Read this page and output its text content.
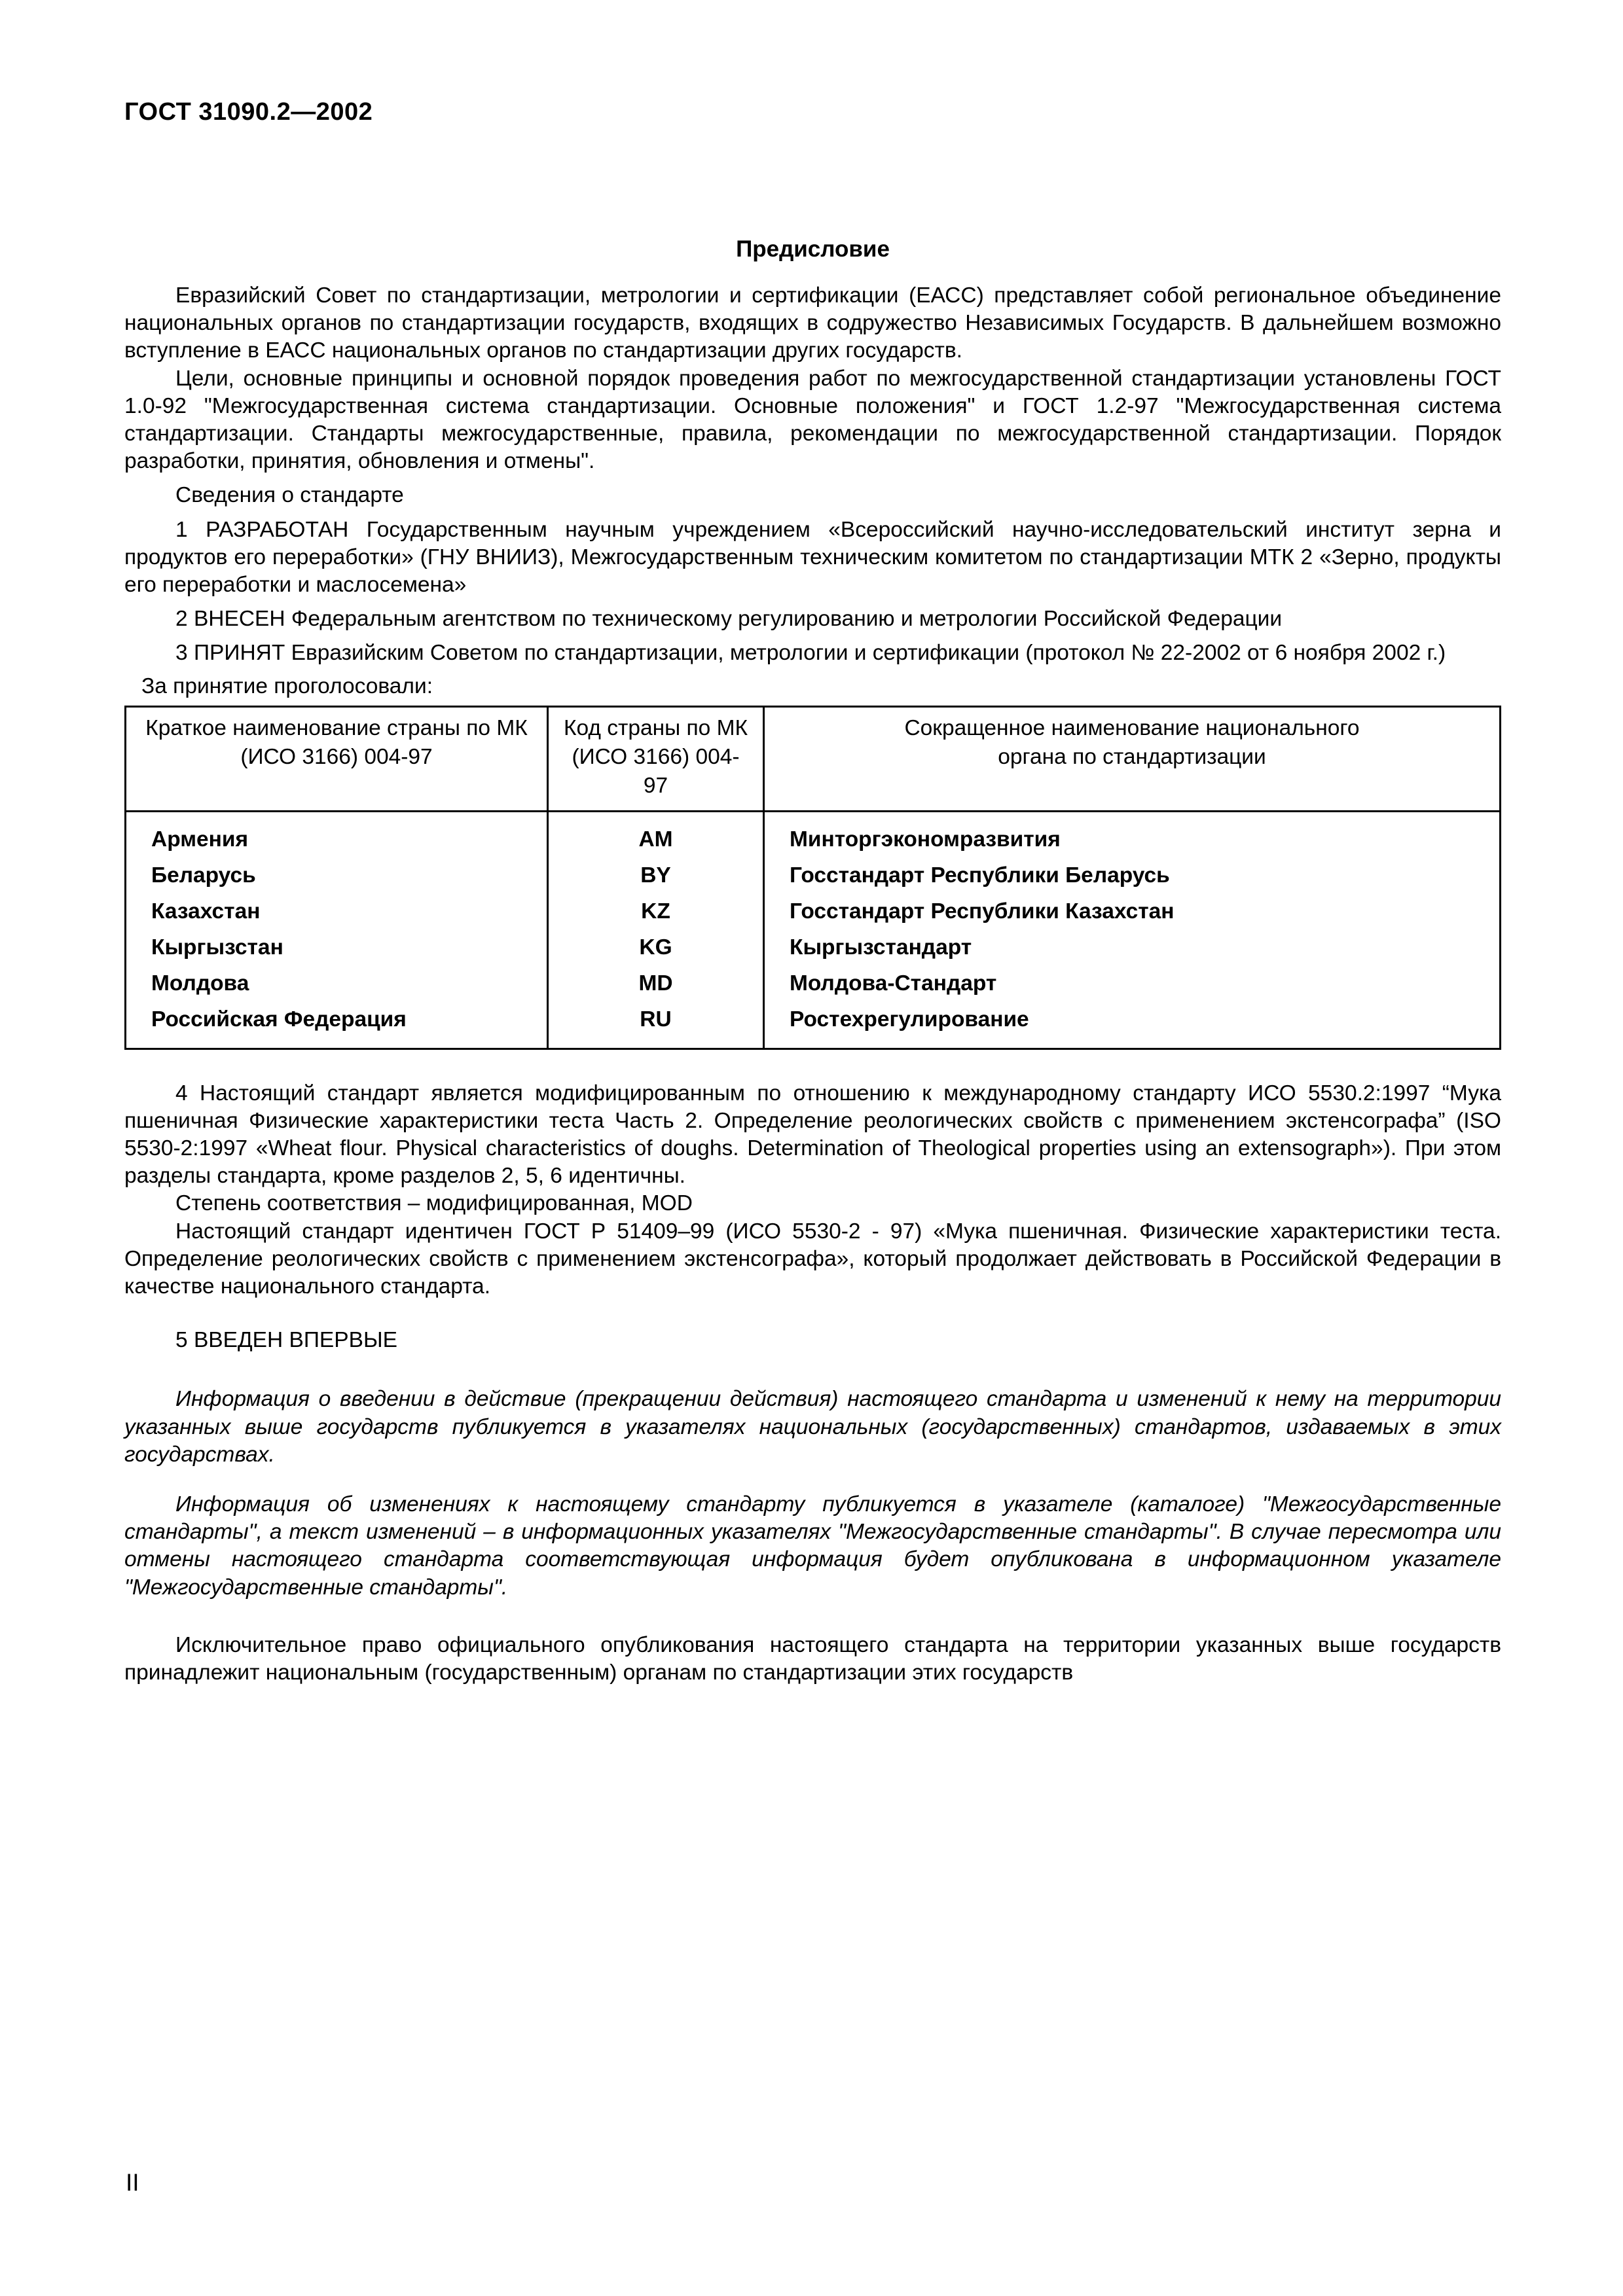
ГОСТ 31090.2—2002
Предисловие

Евразийский Совет по стандартизации, метрологии и сертификации (ЕАСС) представляет собой региональное объединение национальных органов по стандартизации государств, входящих в содружество Независимых Государств. В дальнейшем возможно вступление в ЕАСС национальных органов по стандартизации других государств.

Цели, основные принципы и основной порядок проведения работ по межгосударственной стандартизации установлены ГОСТ 1.0-92 "Межгосударственная система стандартизации. Основные положения" и ГОСТ 1.2-97 "Межгосударственная система стандартизации. Стандарты межгосударственные, правила, рекомендации по межгосударственной стандартизации. Порядок разработки, принятия, обновления и отмены".

Сведения о стандарте

1 РАЗРАБОТАН Государственным научным учреждением «Всероссийский научно-исследовательский институт зерна и продуктов его переработки» (ГНУ ВНИИЗ), Межгосударственным техническим комитетом по стандартизации МТК 2 «Зерно, продукты его переработки и маслосемена»

2 ВНЕСЕН Федеральным агентством по техническому регулированию и метрологии Российской Федерации

3 ПРИНЯТ Евразийским Советом по стандартизации, метрологии и сертификации (протокол № 22-2002 от 6 ноября 2002 г.)

За принятие проголосовали:

Краткое наименование страны по МК (ИСО 3166) 004-97	Код страны по МК (ИСО 3166) 004-97	Сокращенное наименование национального органа по стандартизации
Армения	AM	Минторгэкономразвития
Беларусь	BY	Госстандарт Республики Беларусь
Казахстан	KZ	Госстандарт Республики Казахстан
Кыргызстан	KG	Кыргызстандарт
Молдова	MD	Молдова-Стандарт
Российская Федерация	RU	Ростехрегулирование

4 Настоящий стандарт является модифицированным по отношению к международному стандарту ИСО 5530.2:1997 “Мука пшеничная Физические характеристики теста Часть 2. Определение реологических свойств с применением экстенсографа” (ISO 5530-2:1997 «Wheat flour. Physical characteristics of doughs. Determination of Theological properties using an extensograph»). При этом разделы стандарта, кроме разделов 2, 5, 6 идентичны.

Степень соответствия – модифицированная, MOD

Настоящий стандарт идентичен ГОСТ Р 51409–99 (ИСО 5530-2 - 97) «Мука пшеничная. Физические характеристики теста. Определение реологических свойств с применением экстенсографа», который продолжает действовать в Российской Федерации в качестве национального стандарта.

5 ВВЕДЕН ВПЕРВЫЕ

Информация о введении в действие (прекращении действия) настоящего стандарта и изменений к нему на территории указанных выше государств публикуется в указателях национальных (государственных) стандартов, издаваемых в этих государствах.

Информация об изменениях к настоящему стандарту публикуется в указателе (каталоге) "Межгосударственные стандарты", а текст изменений – в информационных указателях "Межгосударственные стандарты". В случае пересмотра или отмены настоящего стандарта соответствующая информация будет опубликована в информационном указателе "Межгосударственные стандарты".

Исключительное право официального опубликования настоящего стандарта на территории указанных выше государств принадлежит национальным (государственным) органам по стандартизации этих государств

II
